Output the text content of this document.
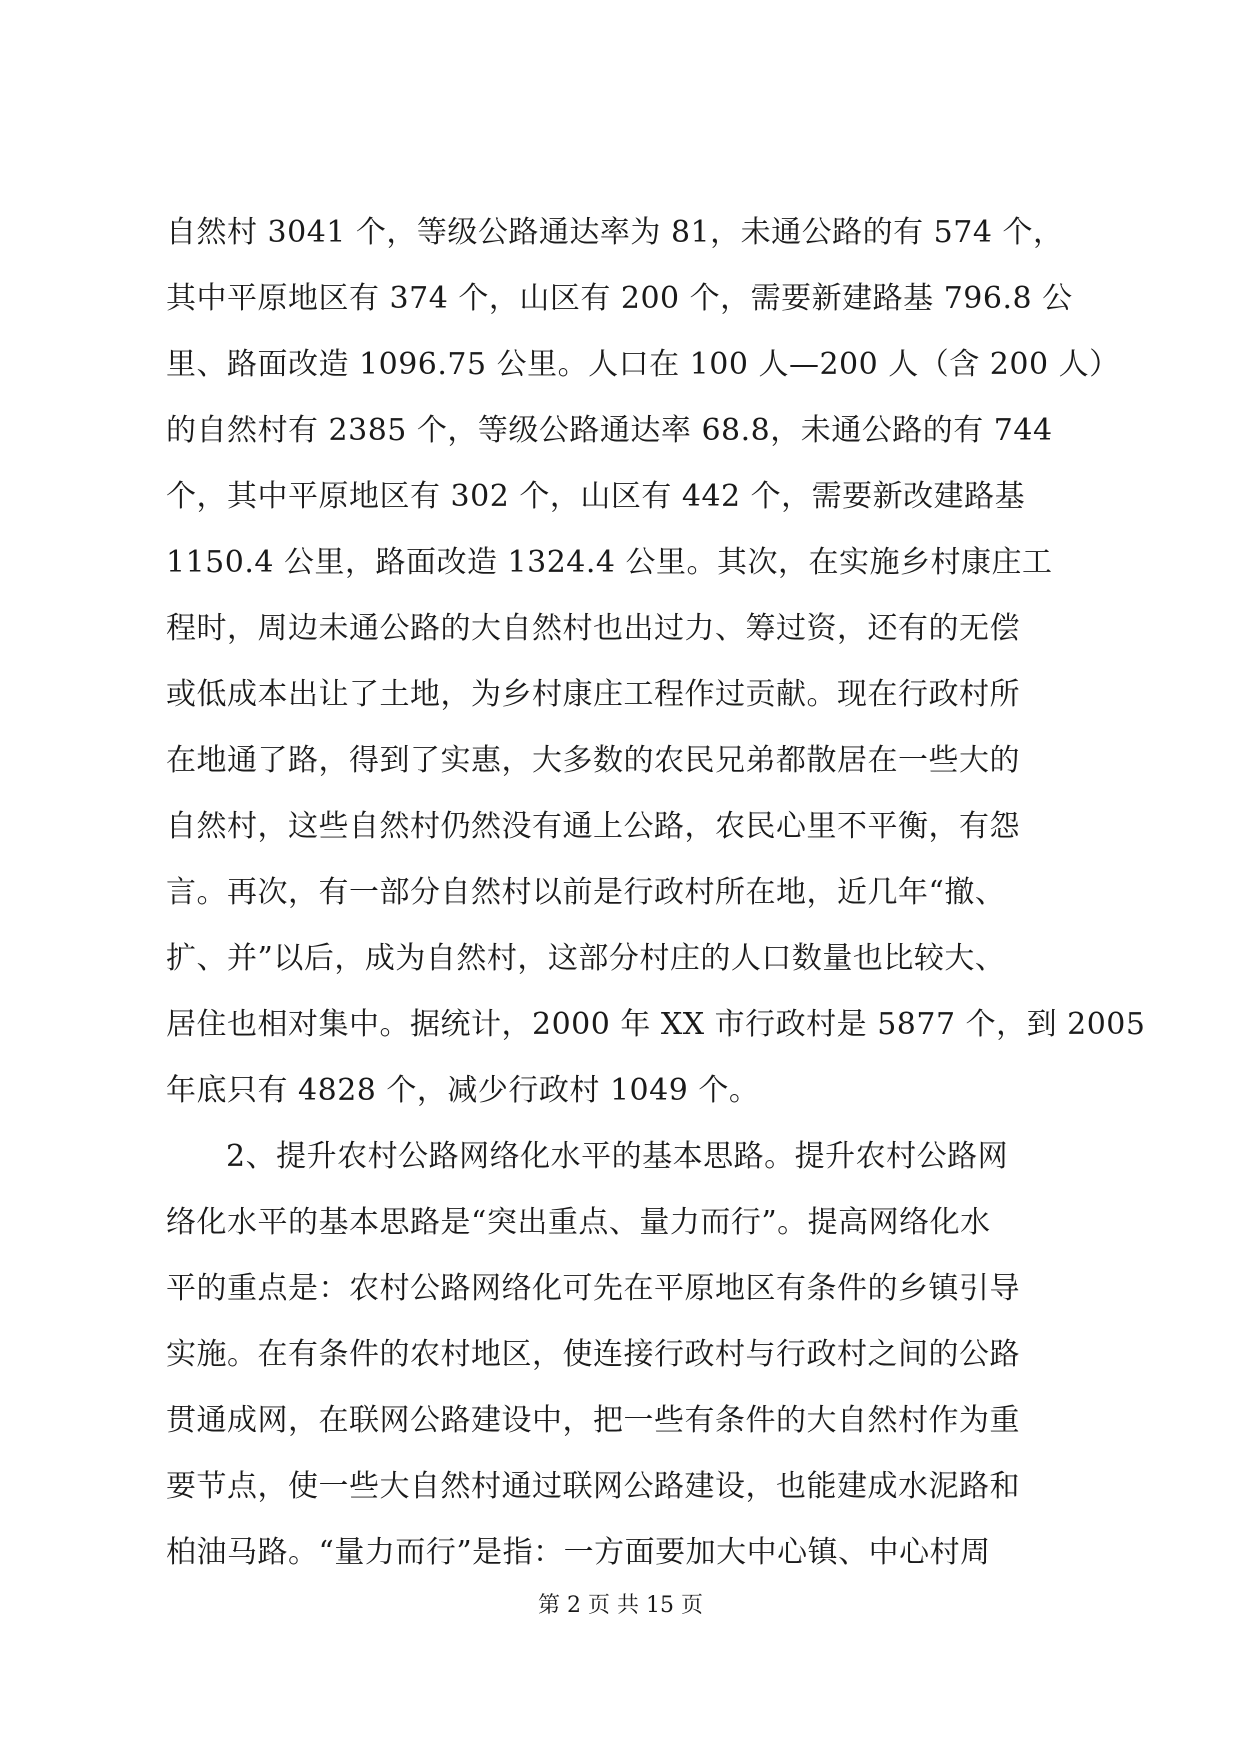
自然村 3041 个，等级公路通达率为 81，未通公路的有 574 个，
其中平原地区有 374 个，山区有 200 个，需要新建路基 796.8 公
里、路面改造 1096.75 公里。人口在 100 人—200 人（含 200 人）
的自然村有 2385 个，等级公路通达率 68.8，未通公路的有 744
个，其中平原地区有 302 个，山区有 442 个，需要新改建路基
1150.4 公里，路面改造 1324.4 公里。其次，在实施乡村康庄工
程时，周边未通公路的大自然村也出过力、筹过资，还有的无偿
或低成本出让了土地，为乡村康庄工程作过贡献。现在行政村所
在地通了路，得到了实惠，大多数的农民兄弟都散居在一些大的
自然村，这些自然村仍然没有通上公路，农民心里不平衡，有怨
言。再次，有一部分自然村以前是行政村所在地，近几年“撤、
扩、并”以后，成为自然村，这部分村庄的人口数量也比较大、
居住也相对集中。据统计，2000 年 XX 市行政村是 5877 个，到 2005
年底只有 4828 个，减少行政村 1049 个。
2、提升农村公路网络化水平的基本思路。提升农村公路网
络化水平的基本思路是“突出重点、量力而行”。提高网络化水
平的重点是：农村公路网络化可先在平原地区有条件的乡镇引导
实施。在有条件的农村地区，使连接行政村与行政村之间的公路
贯通成网，在联网公路建设中，把一些有条件的大自然村作为重
要节点，使一些大自然村通过联网公路建设，也能建成水泥路和
柏油马路。“量力而行”是指：一方面要加大中心镇、中心村周
第 2 页 共 15 页
